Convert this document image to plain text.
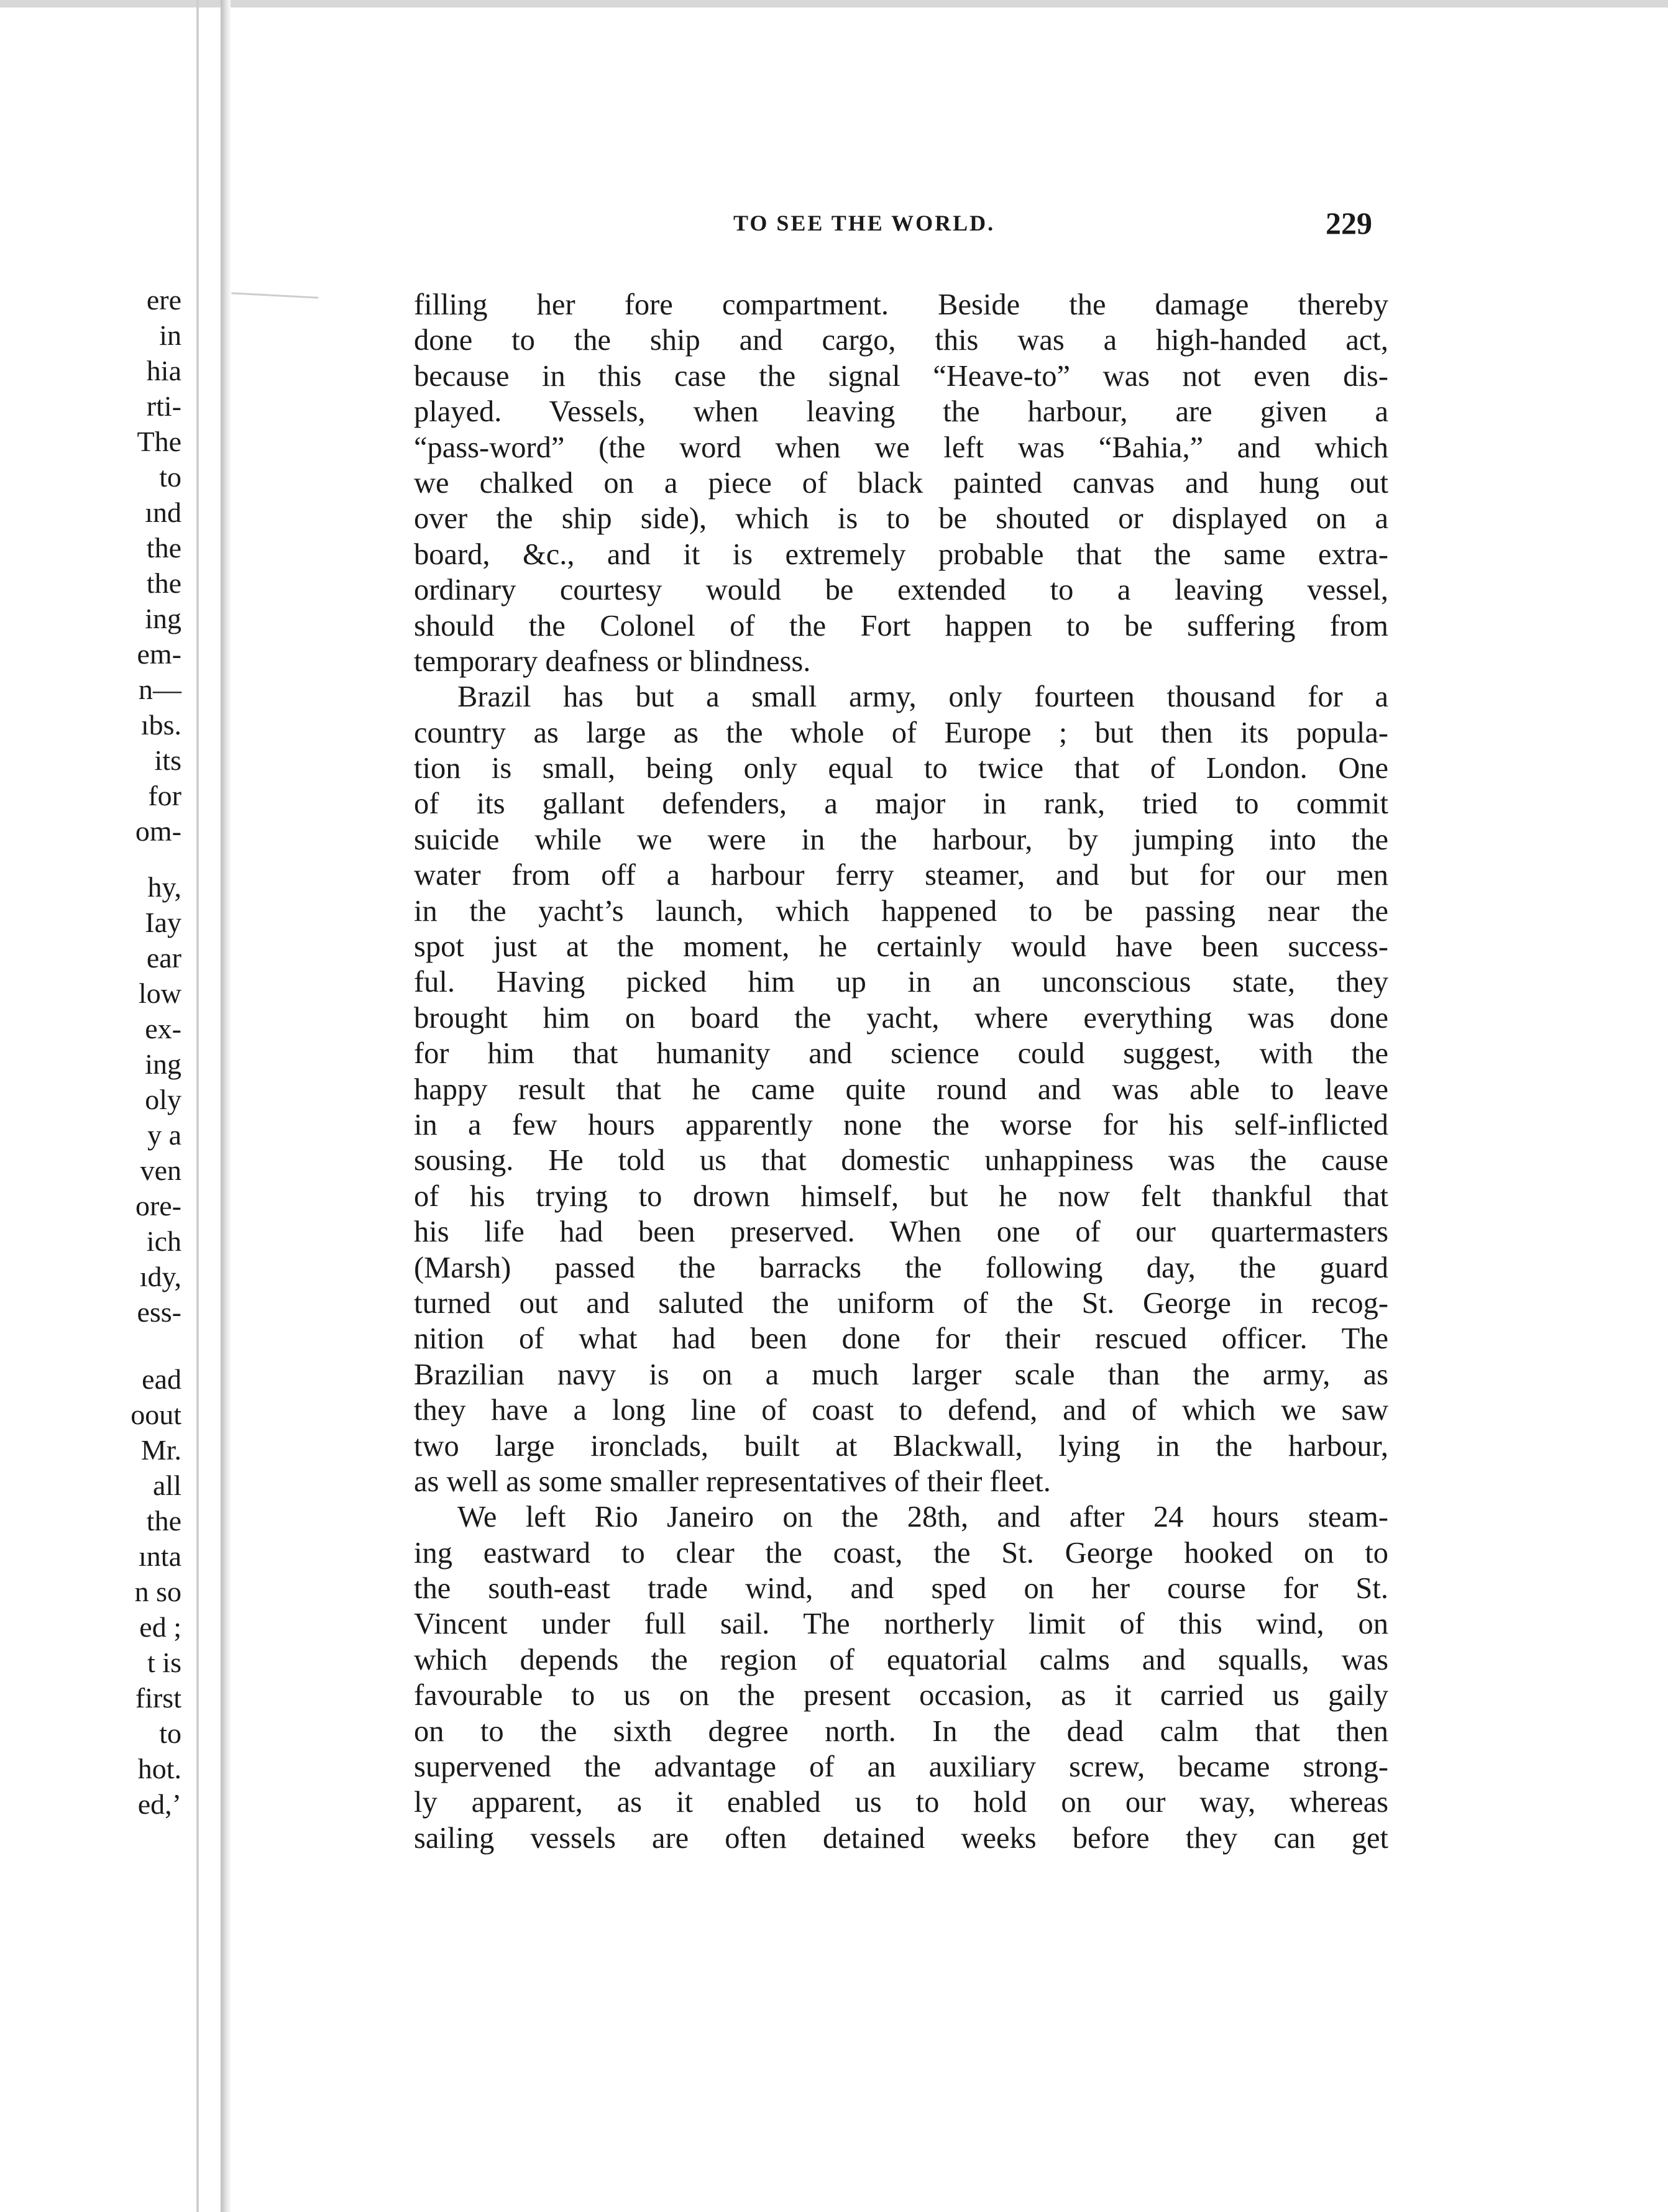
ere
in
hia
rti-
The
to
ınd
the
the
ing
em-
n—
ıbs.
its
for
om-
hy,
Iay
ear
low
ex-
ing
oly
y a
ven
ore-
ich
ıdy,
ess-
ead
oout
Mr.
all
the
ınta
n so
ed ;
t is
first
to
hot.
ed,’
TO SEE THE WORLD.	229
filling her fore compartment. Beside the damage thereby
done to the ship and cargo, this was a high-handed act,
because in this case the signal “Heave-to” was not even dis-
played. Vessels, when leaving the harbour, are given a
“pass-word” (the word when we left was “Bahia,” and which
we chalked on a piece of black painted canvas and hung out
over the ship side), which is to be shouted or displayed on a
board, &c., and it is extremely probable that the same extra-
ordinary courtesy would be extended to a leaving vessel,
should the Colonel of the Fort happen to be suffering from
temporary deafness or blindness.
Brazil has but a small army, only fourteen thousand for a
country as large as the whole of Europe ; but then its popula-
tion is small, being only equal to twice that of London. One
of its gallant defenders, a major in rank, tried to commit
suicide while we were in the harbour, by jumping into the
water from off a harbour ferry steamer, and but for our men
in the yacht’s launch, which happened to be passing near the
spot just at the moment, he certainly would have been success-
ful. Having picked him up in an unconscious state, they
brought him on board the yacht, where everything was done
for him that humanity and science could suggest, with the
happy result that he came quite round and was able to leave
in a few hours apparently none the worse for his self-inflicted
sousing. He told us that domestic unhappiness was the cause
of his trying to drown himself, but he now felt thankful that
his life had been preserved. When one of our quartermasters
(Marsh) passed the barracks the following day, the guard
turned out and saluted the uniform of the St. George in recog-
nition of what had been done for their rescued officer. The
Brazilian navy is on a much larger scale than the army, as
they have a long line of coast to defend, and of which we saw
two large ironclads, built at Blackwall, lying in the harbour,
as well as some smaller representatives of their fleet.
We left Rio Janeiro on the 28th, and after 24 hours steam-
ing eastward to clear the coast, the St. George hooked on to
the south-east trade wind, and sped on her course for St.
Vincent under full sail. The northerly limit of this wind, on
which depends the region of equatorial calms and squalls, was
favourable to us on the present occasion, as it carried us gaily
on to the sixth degree north. In the dead calm that then
supervened the advantage of an auxiliary screw, became strong-
ly apparent, as it enabled us to hold on our way, whereas
sailing vessels are often detained weeks before they can get
